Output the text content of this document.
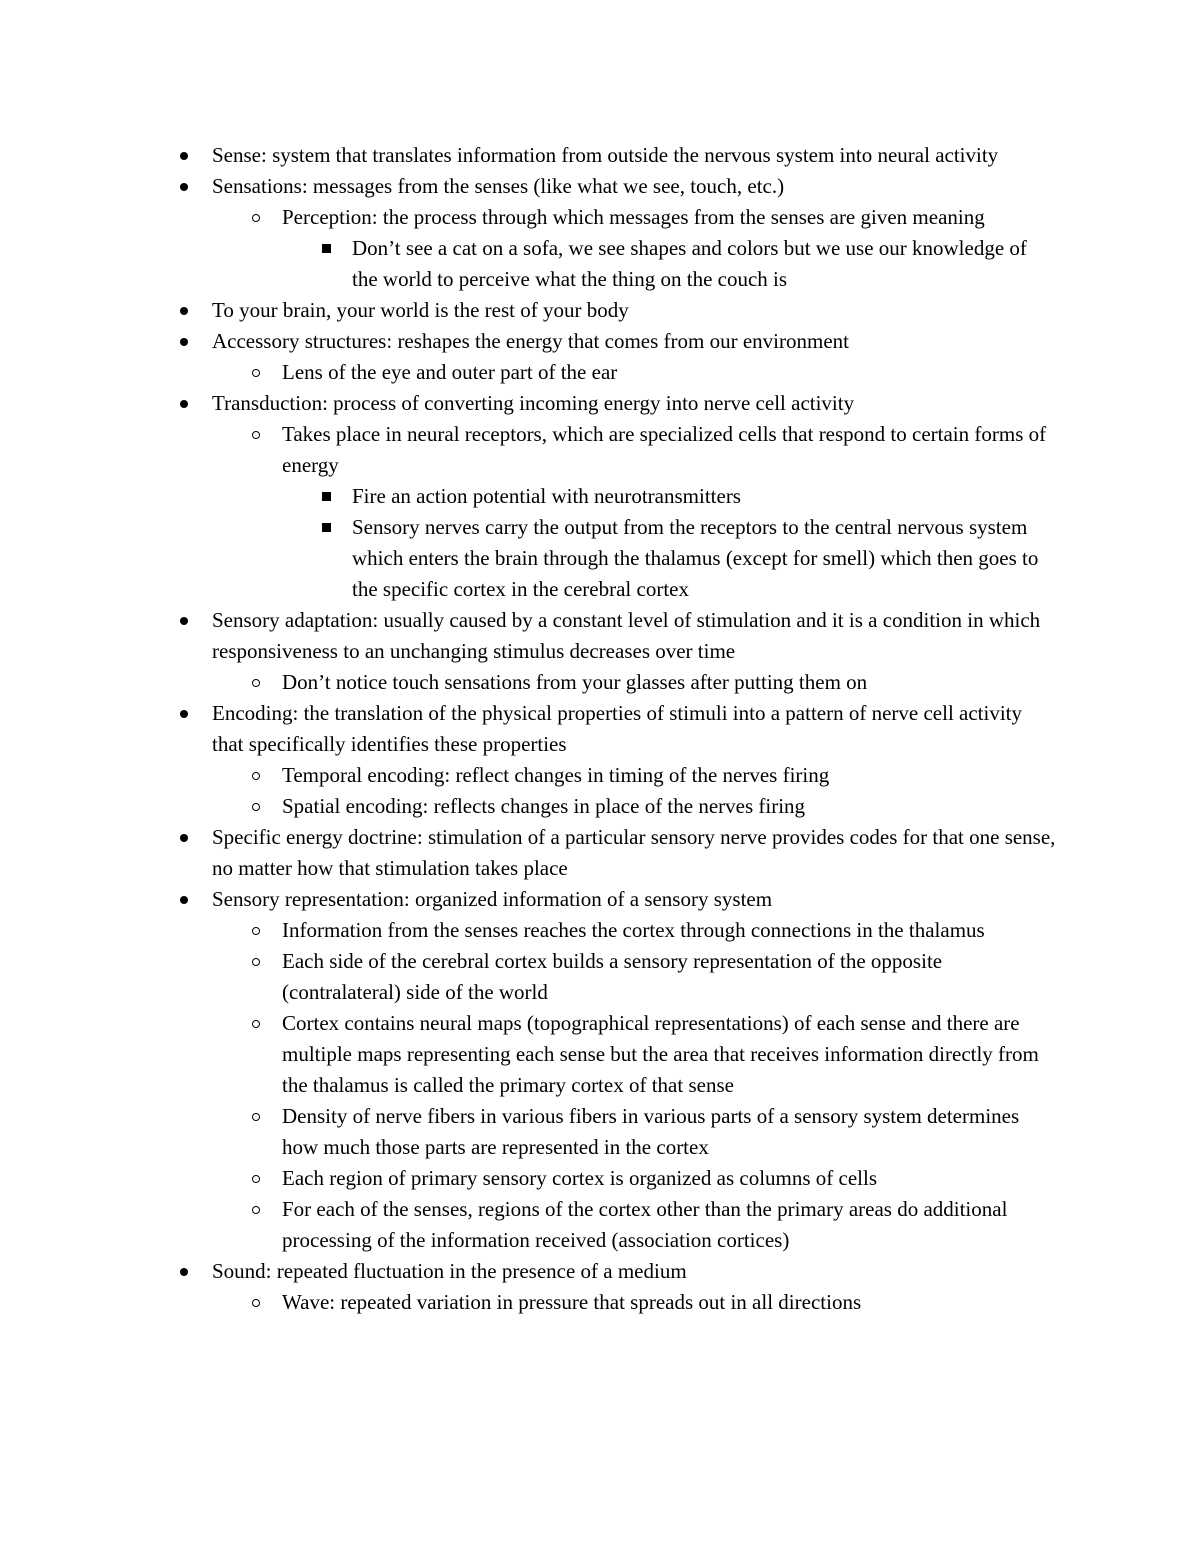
Sense: system that translates information from outside the nervous system into neural activity
Sensations: messages from the senses (like what we see, touch, etc.)
Perception: the process through which messages from the senses are given meaning
Don’t see a cat on a sofa, we see shapes and colors but we use our knowledge of the world to perceive what the thing on the couch is
To your brain, your world is the rest of your body
Accessory structures: reshapes the energy that comes from our environment
Lens of the eye and outer part of the ear
Transduction: process of converting incoming energy into nerve cell activity
Takes place in neural receptors, which are specialized cells that respond to certain forms of energy
Fire an action potential with neurotransmitters
Sensory nerves carry the output from the receptors to the central nervous system which enters the brain through the thalamus (except for smell) which then goes to the specific cortex in the cerebral cortex
Sensory adaptation: usually caused by a constant level of stimulation and it is a condition in which responsiveness to an unchanging stimulus decreases over time
Don’t notice touch sensations from your glasses after putting them on
Encoding: the translation of the physical properties of stimuli into a pattern of nerve cell activity that specifically identifies these properties
Temporal encoding: reflect changes in timing of the nerves firing
Spatial encoding: reflects changes in place of the nerves firing
Specific energy doctrine: stimulation of a particular sensory nerve provides codes for that one sense, no matter how that stimulation takes place
Sensory representation: organized information of a sensory system
Information from the senses reaches the cortex through connections in the thalamus
Each side of the cerebral cortex builds a sensory representation of the opposite (contralateral) side of the world
Cortex contains neural maps (topographical representations) of each sense and there are multiple maps representing each sense but the area that receives information directly from the thalamus is called the primary cortex of that sense
Density of nerve fibers in various fibers in various parts of a sensory system determines how much those parts are represented in the cortex
Each region of primary sensory cortex is organized as columns of cells
For each of the senses, regions of the cortex other than the primary areas do additional processing of the information received (association cortices)
Sound: repeated fluctuation in the presence of a medium
Wave: repeated variation in pressure that spreads out in all directions
